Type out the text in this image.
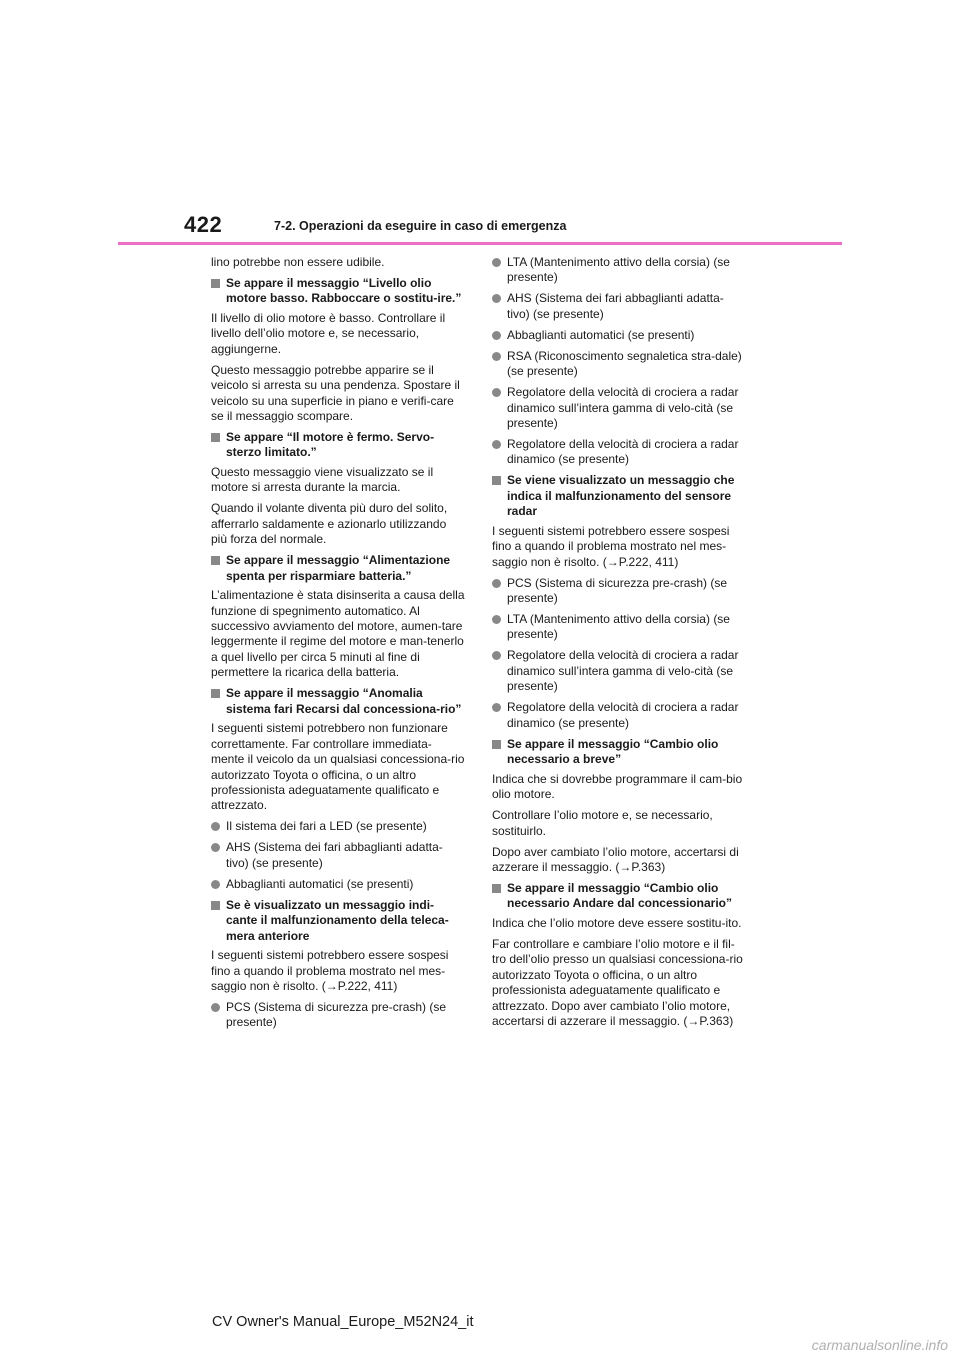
422	7-2. Operazioni da eseguire in caso di emergenza

lino potrebbe non essere udibile.

Se appare il messaggio “Livello olio motore basso. Rabboccare o sostitu-ire.”

Il livello di olio motore è basso. Controllare il livello dell’olio motore e, se necessario, aggiungerne.

Questo messaggio potrebbe apparire se il veicolo si arresta su una pendenza. Spostare il veicolo su una superficie in piano e verifi-care se il messaggio scompare.

Se appare “Il motore è fermo. Servo-sterzo limitato.”

Questo messaggio viene visualizzato se il motore si arresta durante la marcia.

Quando il volante diventa più duro del solito, afferrarlo saldamente e azionarlo utilizzando più forza del normale.

Se appare il messaggio “Alimentazione spenta per risparmiare batteria.”

L’alimentazione è stata disinserita a causa della funzione di spegnimento automatico. Al successivo avviamento del motore, aumen-tare leggermente il regime del motore e man-tenerlo a quel livello per circa 5 minuti al fine di permettere la ricarica della batteria.

Se appare il messaggio “Anomalia sistema fari Recarsi dal concessiona-rio”

I seguenti sistemi potrebbero non funzionare correttamente. Far controllare immediata-mente il veicolo da un qualsiasi concessiona-rio autorizzato Toyota o officina, o un altro professionista adeguatamente qualificato e attrezzato.

Il sistema dei fari a LED (se presente)
AHS (Sistema dei fari abbaglianti adatta-tivo) (se presente)
Abbaglianti automatici (se presenti)
Se è visualizzato un messaggio indi-cante il malfunzionamento della teleca-mera anteriore

I seguenti sistemi potrebbero essere sospesi fino a quando il problema mostrato nel mes-saggio non è risolto. (→P.222, 411)

PCS (Sistema di sicurezza pre-crash) (se presente)
LTA (Mantenimento attivo della corsia) (se presente)
AHS (Sistema dei fari abbaglianti adatta-tivo) (se presente)
Abbaglianti automatici (se presenti)
RSA (Riconoscimento segnaletica stra-dale) (se presente)
Regolatore della velocità di crociera a radar dinamico sull’intera gamma di velo-cità (se presente)
Regolatore della velocità di crociera a radar dinamico (se presente)
Se viene visualizzato un messaggio che indica il malfunzionamento del sensore radar

I seguenti sistemi potrebbero essere sospesi fino a quando il problema mostrato nel mes-saggio non è risolto. (→P.222, 411)

PCS (Sistema di sicurezza pre-crash) (se presente)
LTA (Mantenimento attivo della corsia) (se presente)
Regolatore della velocità di crociera a radar dinamico sull’intera gamma di velo-cità (se presente)
Regolatore della velocità di crociera a radar dinamico (se presente)
Se appare il messaggio “Cambio olio necessario a breve”

Indica che si dovrebbe programmare il cam-bio olio motore.

Controllare l’olio motore e, se necessario, sostituirlo.

Dopo aver cambiato l’olio motore, accertarsi di azzerare il messaggio. (→P.363)

Se appare il messaggio “Cambio olio necessario Andare dal concessionario”

Indica che l’olio motore deve essere sostitu-ito.

Far controllare e cambiare l’olio motore e il fil-tro dell’olio presso un qualsiasi concessiona-rio autorizzato Toyota o officina, o un altro professionista adeguatamente qualificato e attrezzato. Dopo aver cambiato l’olio motore, accertarsi di azzerare il messaggio. (→P.363)

CV Owner's Manual_Europe_M52N24_it
carmanualsonline.info
